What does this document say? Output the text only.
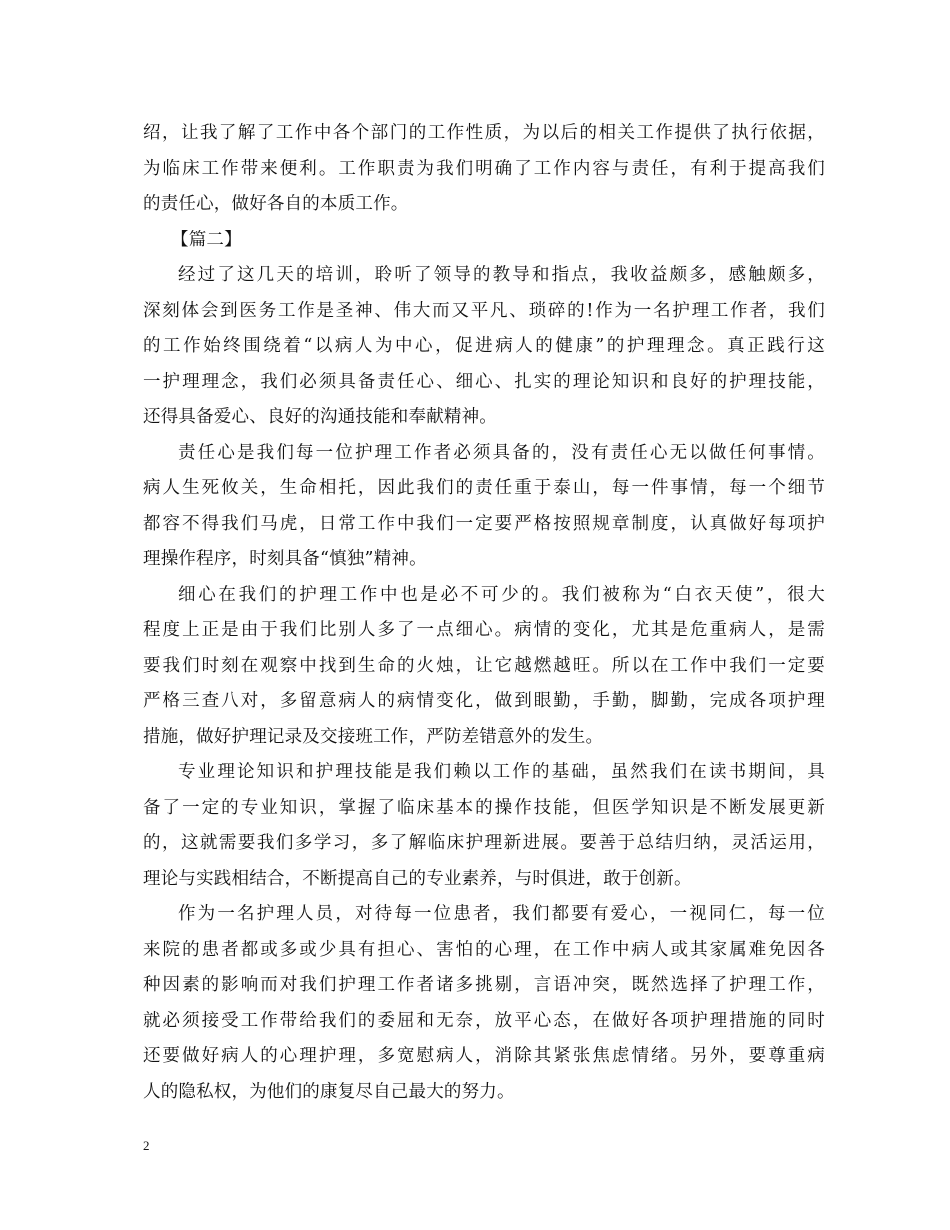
绍，让我了解了工作中各个部门的工作性质，为以后的相关工作提供了执行依据，
为临床工作带来便利。工作职责为我们明确了工作内容与责任，有利于提高我们
的责任心，做好各自的本质工作。
【篇二】
经过了这几天的培训，聆听了领导的教导和指点，我收益颇多，感触颇多，
深刻体会到医务工作是圣神、伟大而又平凡、琐碎的!作为一名护理工作者，我们
的工作始终围绕着“以病人为中心，促进病人的健康”的护理理念。真正践行这
一护理理念，我们必须具备责任心、细心、扎实的理论知识和良好的护理技能，
还得具备爱心、良好的沟通技能和奉献精神。
责任心是我们每一位护理工作者必须具备的，没有责任心无以做任何事情。
病人生死攸关，生命相托，因此我们的责任重于泰山，每一件事情，每一个细节
都容不得我们马虎，日常工作中我们一定要严格按照规章制度，认真做好每项护
理操作程序，时刻具备“慎独”精神。
细心在我们的护理工作中也是必不可少的。我们被称为“白衣天使”，很大
程度上正是由于我们比别人多了一点细心。病情的变化，尤其是危重病人，是需
要我们时刻在观察中找到生命的火烛，让它越燃越旺。所以在工作中我们一定要
严格三查八对，多留意病人的病情变化，做到眼勤，手勤，脚勤，完成各项护理
措施，做好护理记录及交接班工作，严防差错意外的发生。
专业理论知识和护理技能是我们赖以工作的基础，虽然我们在读书期间，具
备了一定的专业知识，掌握了临床基本的操作技能，但医学知识是不断发展更新
的，这就需要我们多学习，多了解临床护理新进展。要善于总结归纳，灵活运用，
理论与实践相结合，不断提高自己的专业素养，与时俱进，敢于创新。
作为一名护理人员，对待每一位患者，我们都要有爱心，一视同仁，每一位
来院的患者都或多或少具有担心、害怕的心理，在工作中病人或其家属难免因各
种因素的影响而对我们护理工作者诸多挑剔，言语冲突，既然选择了护理工作，
就必须接受工作带给我们的委屈和无奈，放平心态，在做好各项护理措施的同时
还要做好病人的心理护理，多宽慰病人，消除其紧张焦虑情绪。另外，要尊重病
人的隐私权，为他们的康复尽自己最大的努力。
2
